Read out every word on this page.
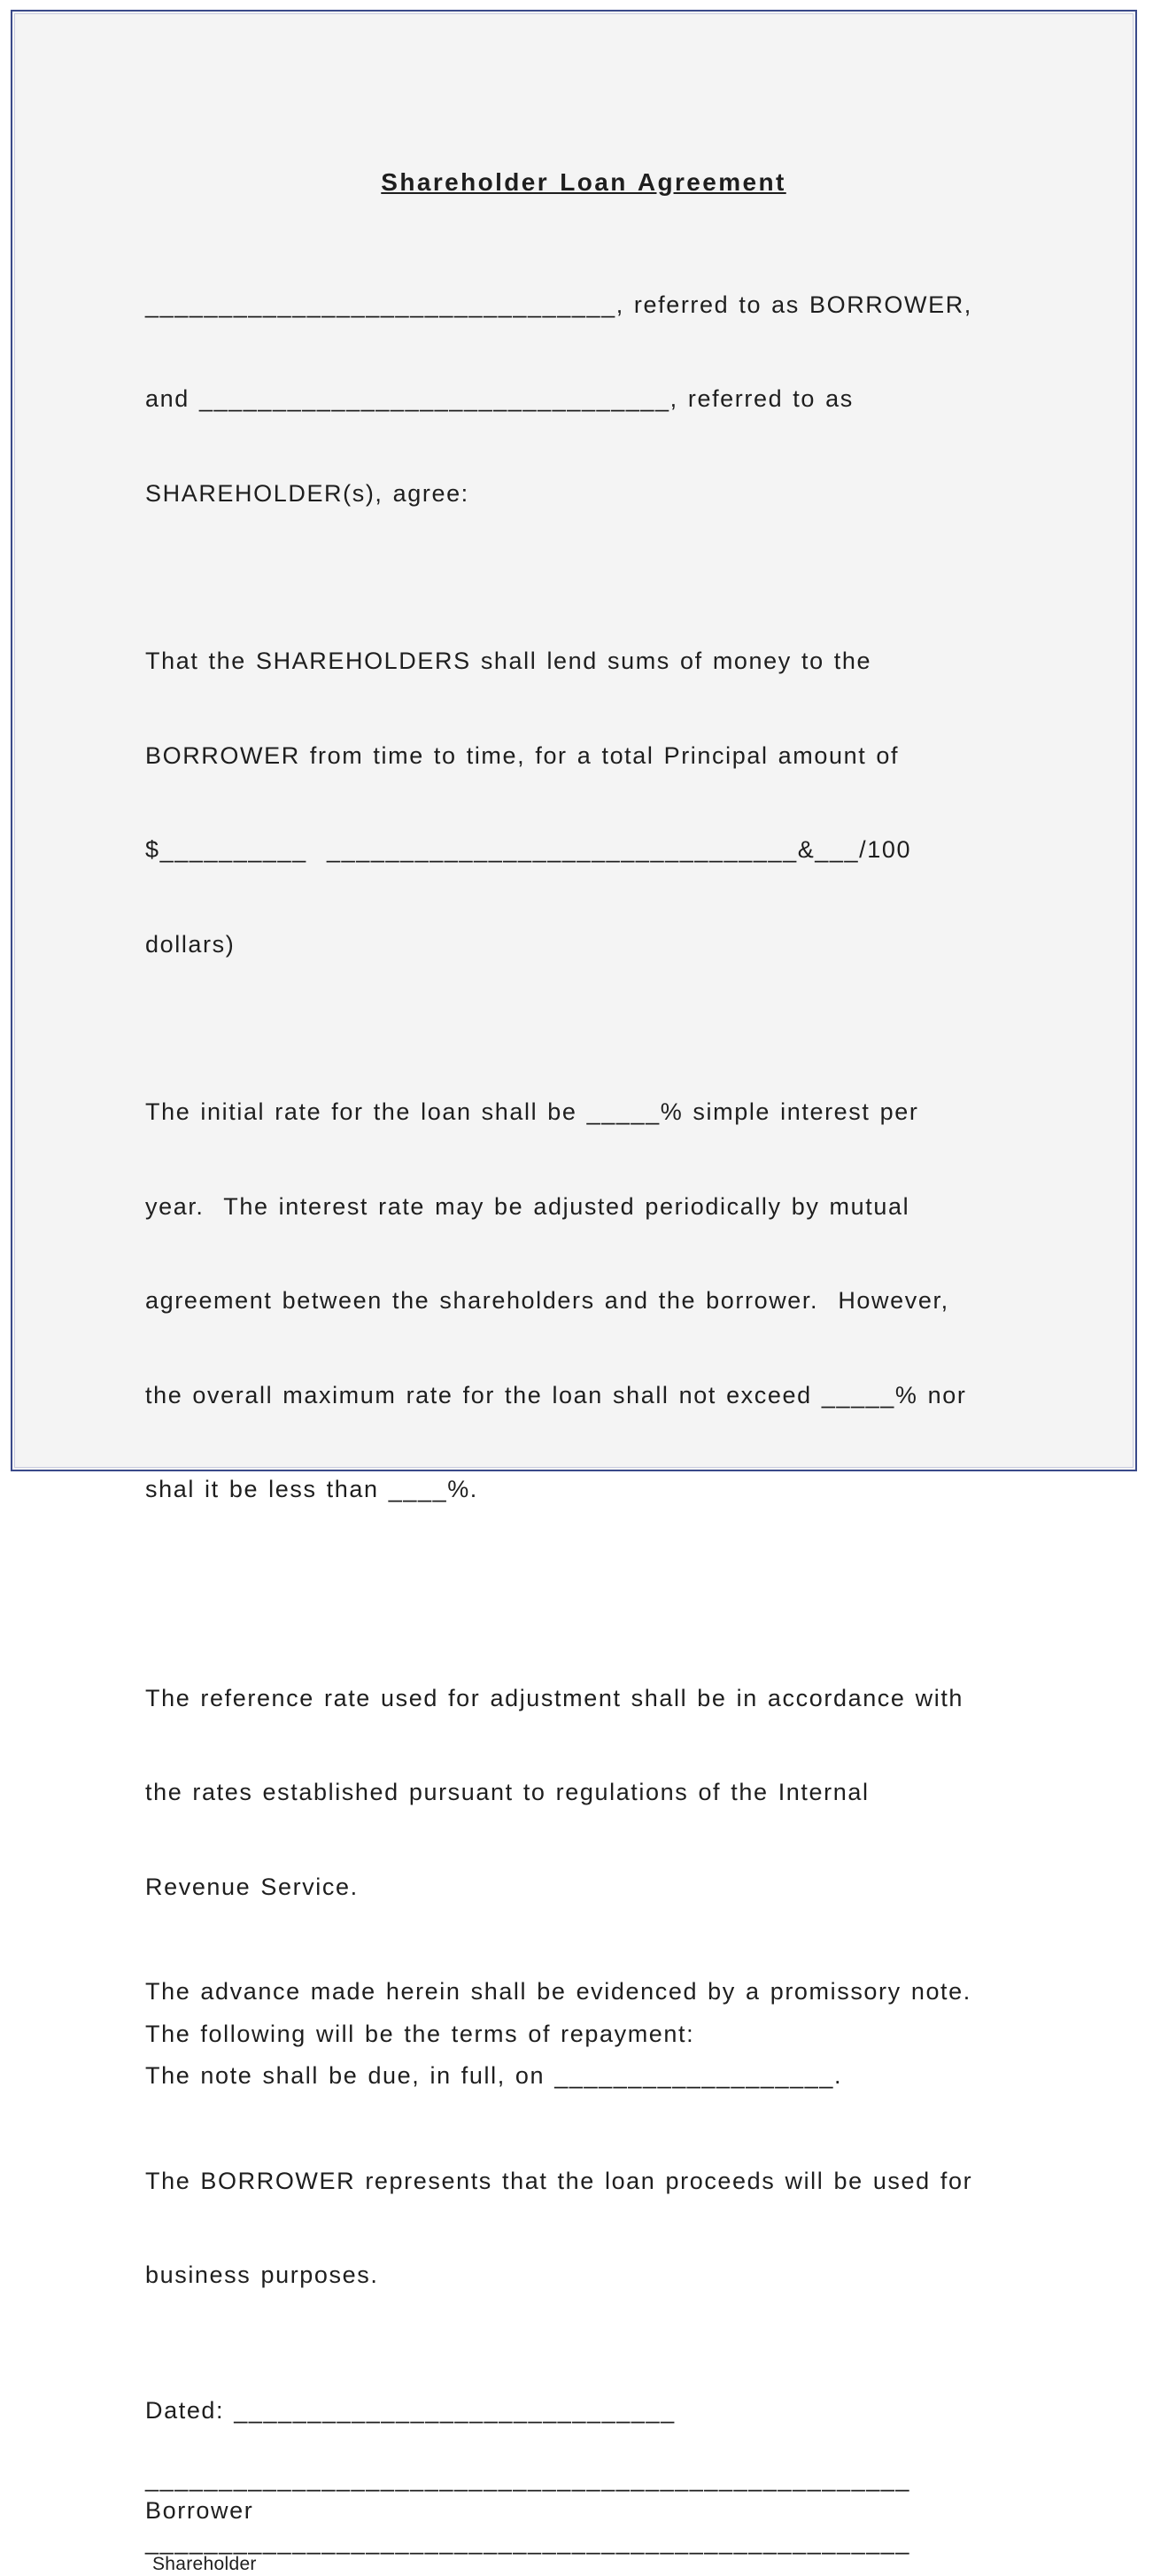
Shareholder Loan Agreement

________________________________, referred to as BORROWER,

and ________________________________, referred to as

SHAREHOLDER(s), agree:

That the SHAREHOLDERS shall lend sums of money to the

BORROWER from time to time, for a total Principal amount of

$__________  ________________________________&___/100

dollars)

The initial rate for the loan shall be _____% simple interest per

year.  The interest rate may be adjusted periodically by mutual

agreement between the shareholders and the borrower.  However,

the overall maximum rate for the loan shall not exceed _____% nor

shal it be less than ____%.

The reference rate used for adjustment shall be in accordance with

the rates established pursuant to regulations of the Internal

Revenue Service.

The advance made herein shall be evidenced by a promissory note.

The following will be the terms of repayment:

The note shall be due, in full, on ___________________.

The BORROWER represents that the loan proceeds will be used for

business purposes.

Dated: ______________________________

____________________________________________________

Borrower

____________________________________________________

Shareholder
